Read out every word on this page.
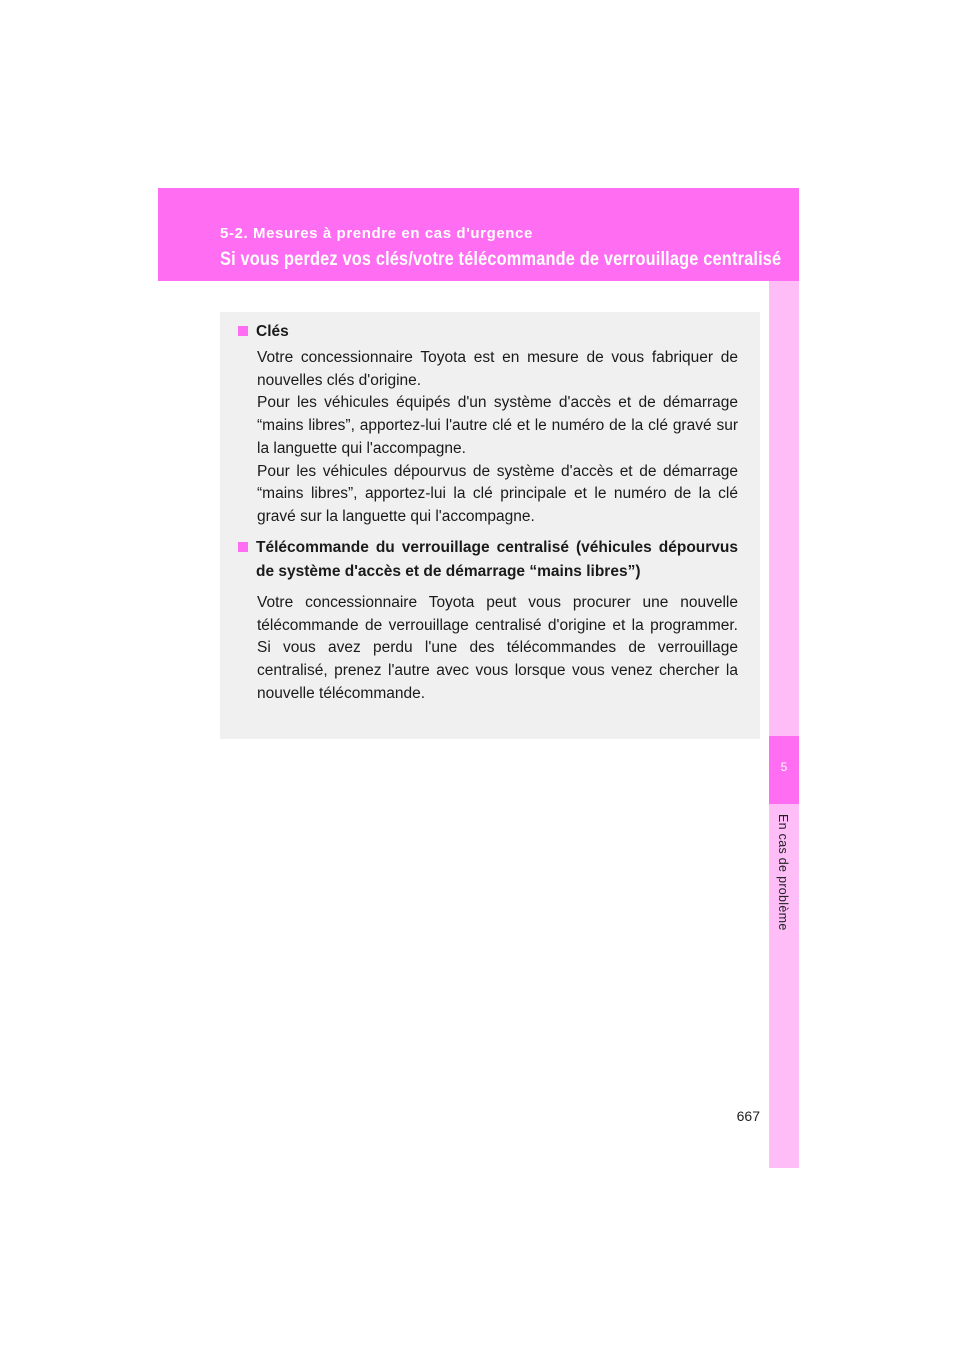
5-2. Mesures à prendre en cas d'urgence
Si vous perdez vos clés/votre télécommande de verrouillage centralisé
5
En cas de problème
Clés

Votre concessionnaire Toyota est en mesure de vous fabriquer de nouvelles clés d'origine.

Pour les véhicules équipés d'un système d'accès et de démarrage “mains libres”, apportez-lui l'autre clé et le numéro de la clé gravé sur la languette qui l'accompagne.

Pour les véhicules dépourvus de système d'accès et de démarrage “mains libres”, apportez-lui la clé principale et le numéro de la clé gravé sur la languette qui l'accompagne.

Télécommande du verrouillage centralisé (véhicules dépourvus de système d'accès et de démarrage “mains libres”)

Votre concessionnaire Toyota peut vous procurer une nouvelle télécommande de verrouillage centralisé d'origine et la programmer. Si vous avez perdu l'une des télécommandes de verrouillage centralisé, prenez l'autre avec vous lorsque vous venez chercher la nouvelle télécommande.

667
